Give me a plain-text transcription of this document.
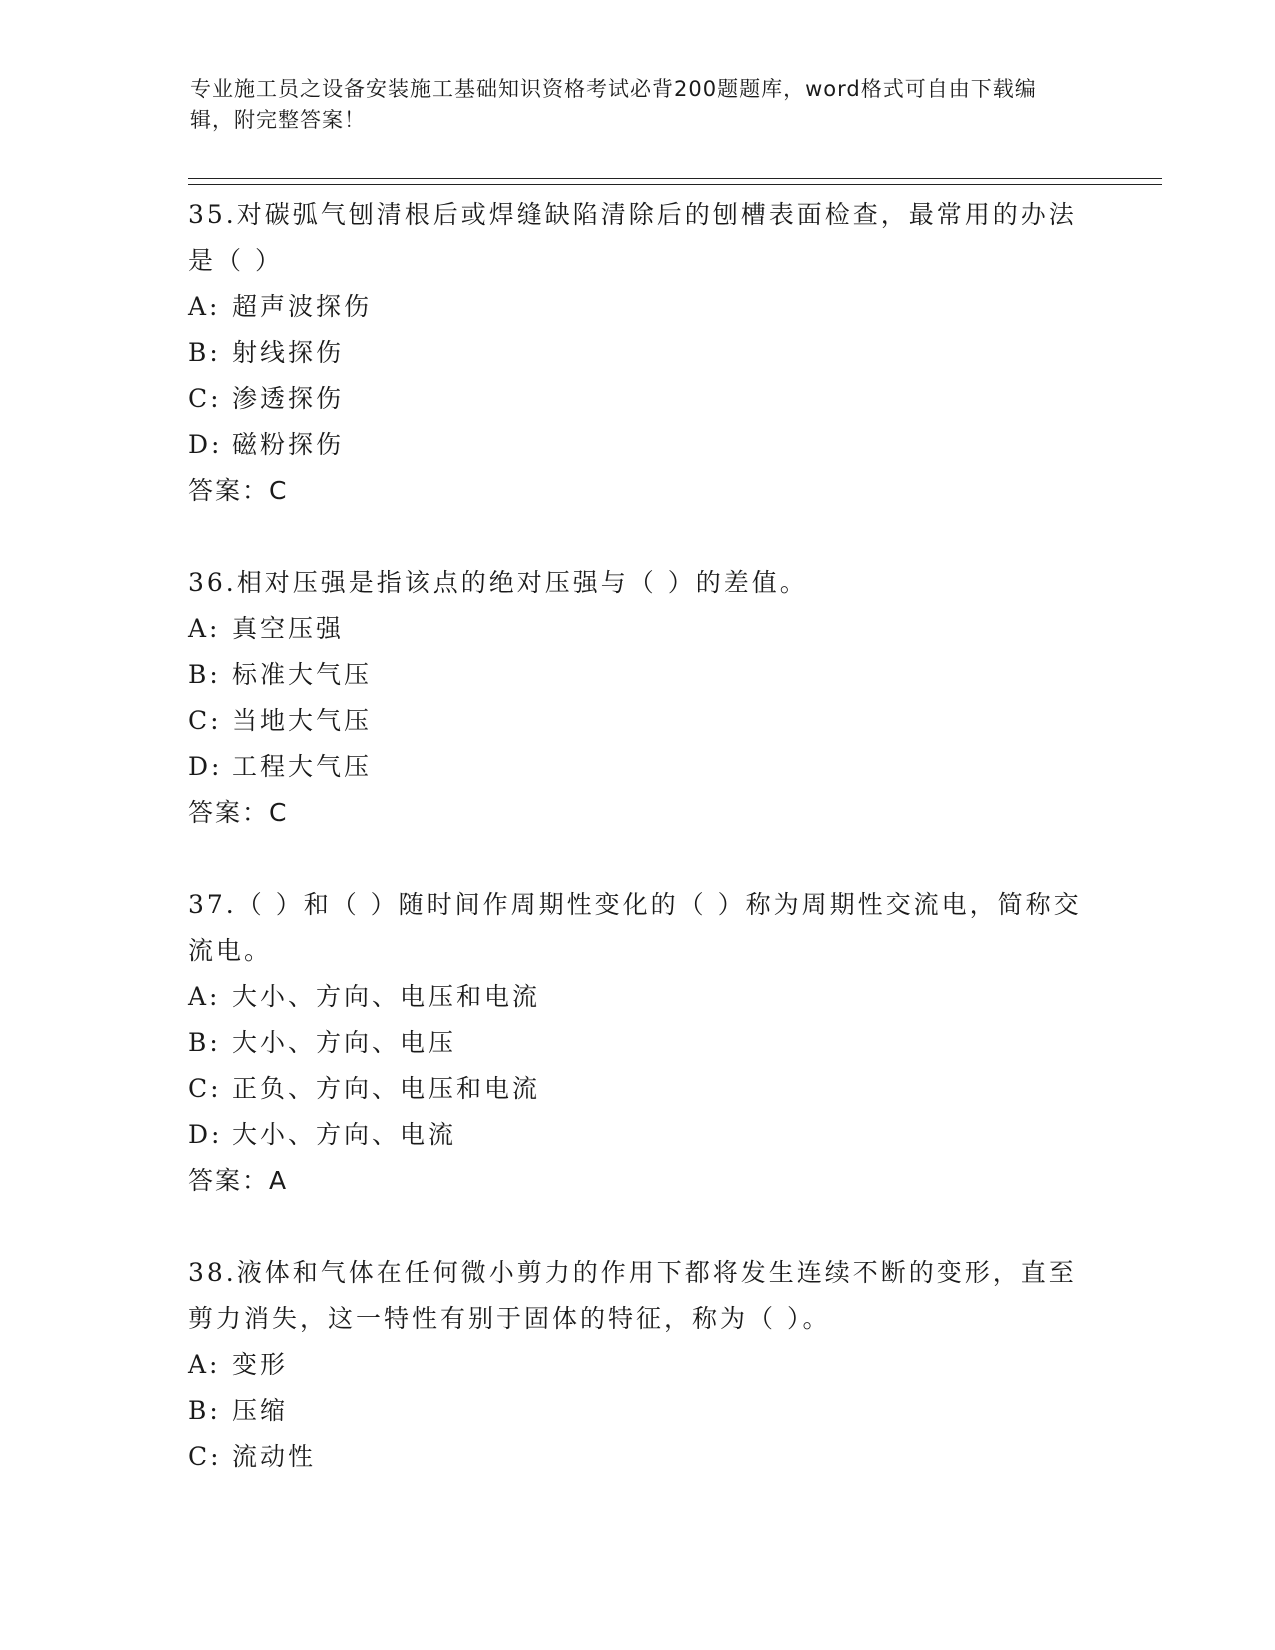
专业施工员之设备安装施工基础知识资格考试必背200题题库，word格式可自由下载编辑，附完整答案！

35.对碳弧气刨清根后或焊缝缺陷清除后的刨槽表面检查，最常用的办法是（ ）

A: 超声波探伤
B: 射线探伤
C: 渗透探伤
D: 磁粉探伤
答案：C

36.相对压强是指该点的绝对压强与（ ）的差值。

A: 真空压强
B: 标准大气压
C: 当地大气压
D: 工程大气压
答案：C

37.（ ）和（ ）随时间作周期性变化的（ ）称为周期性交流电，简称交流电。

A: 大小、方向、电压和电流
B: 大小、方向、电压
C: 正负、方向、电压和电流
D: 大小、方向、电流
答案：A

38.液体和气体在任何微小剪力的作用下都将发生连续不断的变形，直至剪力消失，这一特性有别于固体的特征，称为（ ）。

A: 变形
B: 压缩
C: 流动性
